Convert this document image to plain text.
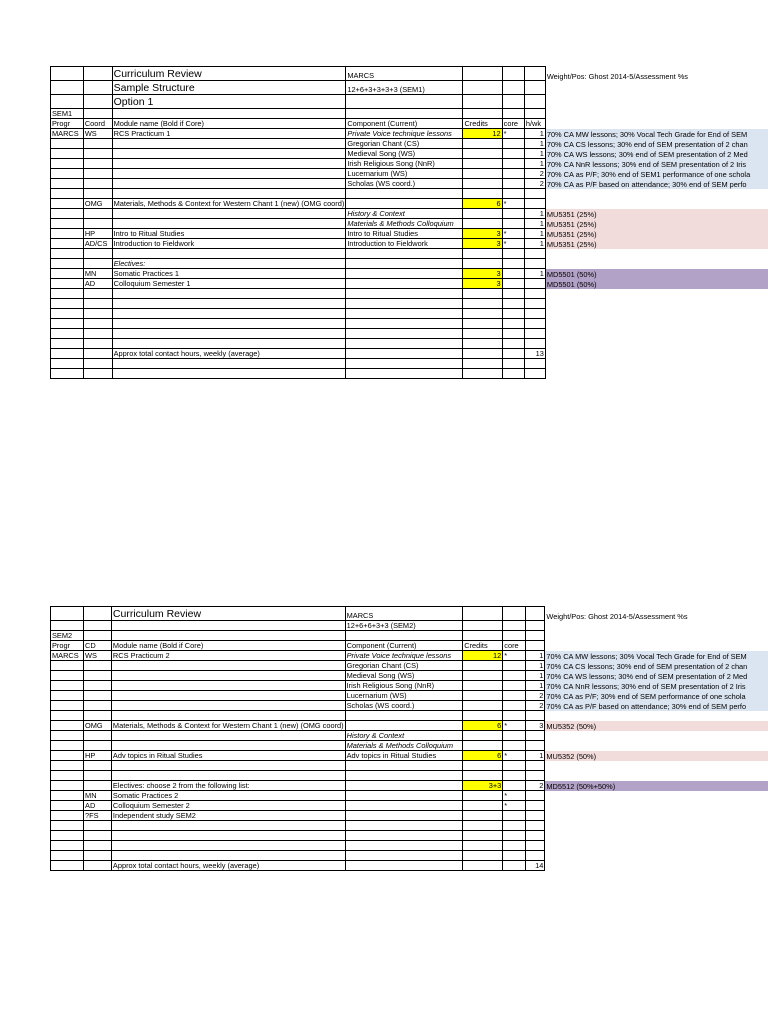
		Curriculum Review	MARCS				Weight/Pos: Ghost 2014-5/Assessment %s
		Sample Structure	12+6+3+3+3+3 (SEM1)				
		Option 1					
SEM1							
Progr	Coord	Module name (Bold if Core)	Component (Current)	Credits	core	h/wk	
MARCS	WS	RCS Practicum 1	Private Voice technique lessons	12	*	1	70% CA MW lessons; 30% Vocal Tech Grade for End of SEM
			Gregorian Chant (CS)			1	70% CA CS lessons; 30% end of SEM presentation of 2 chan
			Medieval Song (WS)			1	70% CA WS lessons; 30% end of SEM presentation of 2 Med
			Irish Religious Song (NnR)			1	70% CA NnR lessons; 30% end of SEM presentation of 2 Iris
			Lucernarium (WS)			2	70% CA as P/F; 30% end of SEM1 performance of one schola
			Scholas (WS coord.)			2	70% CA as P/F based on attendance; 30% end of SEM perfo

	OMG	Materials, Methods & Context for Western Chant 1 (new) (OMG coord)		6	*		
			History & Context			1	MU5351 (25%)
			Materials & Methods Colloquium			1	MU5351 (25%)
	HP	Intro to Ritual Studies	Intro to Ritual Studies	3	*	1	MU5351 (25%)
	AD/CS	Introduction to Fieldwork	Introduction to Fieldwork	3	*	1	MU5351 (25%)

		Electives:					
	MN	Somatic Practices 1		3		1	MD5501 (50%)
	AD	Colloquium Semester 1		3			MD5501 (50%)

		Approx total contact hours, weekly (average)				13	

		Curriculum Review	MARCS				Weight/Pos: Ghost 2014-5/Assessment %s
			12+6+6+3+3 (SEM2)				
SEM2							
Progr	CD	Module name (Bold if Core)	Component (Current)	Credits	core		
MARCS	WS	RCS Practicum 2	Private Voice technique lessons	12	*	1	70% CA MW lessons; 30% Vocal Tech Grade for End of SEM
			Gregorian Chant (CS)			1	70% CA CS lessons; 30% end of SEM presentation of 2 chan
			Medieval Song (WS)			1	70% CA WS lessons; 30% end of SEM presentation of 2 Med
			Irish Religious Song (NnR)			1	70% CA NnR lessons; 30% end of SEM presentation of 2 Iris
			Lucernarium (WS)			2	70% CA as P/F; 30% end of SEM performance of one schola
			Scholas (WS coord.)			2	70% CA as P/F based on attendance; 30% end of SEM perfo

	OMG	Materials, Methods & Context for Western Chant 1 (new) (OMG coord)		6	*	3	MU5352 (50%)
			History & Context				
			Materials & Methods Colloquium				
	HP	Adv topics in Ritual Studies	Adv topics in Ritual Studies	6	*	1	MU5352 (50%)

		Electives: choose 2 from the following list:		3+3		2	MD5512 (50%+50%)
	MN	Somatic Practices 2			*		
	AD	Colloquium Semester 2			*		
	?FS	Independent study SEM2					

		Approx total contact hours, weekly (average)				14	
